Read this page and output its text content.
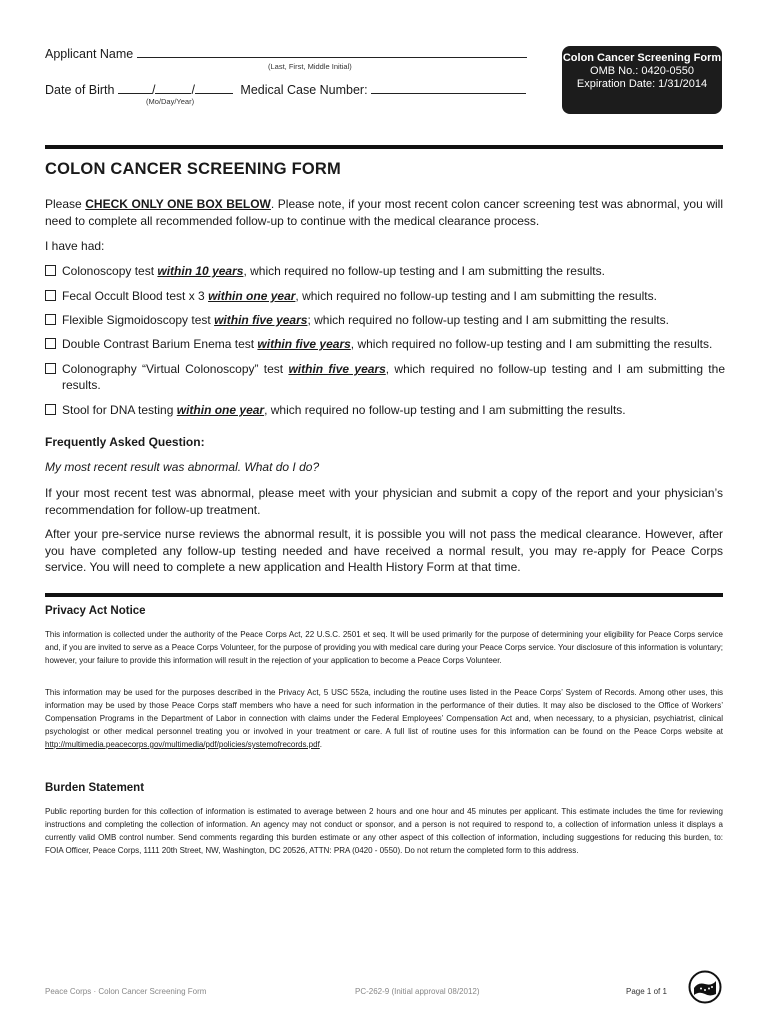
Applicant Name
(Last, First, Middle Initial)
Date of Birth	/	/	Medical Case Number:
(Mo/Day/Year)
Colon Cancer Screening Form
OMB No.: 0420-0550
Expiration Date: 1/31/2014
COLON CANCER SCREENING FORM
Please CHECK ONLY ONE BOX BELOW. Please note, if your most recent colon cancer screening test was abnormal, you will need to complete all recommended follow-up to continue with the medical clearance process.
I have had:
Colonoscopy test within 10 years, which required no follow-up testing and I am submitting the results.
Fecal Occult Blood test x 3 within one year, which required no follow-up testing and I am submitting the results.
Flexible Sigmoidoscopy test within five years; which required no follow-up testing and I am submitting the results.
Double Contrast Barium Enema test within five years, which required no follow-up testing and I am submitting the results.
Colonography “Virtual Colonoscopy” test within five years, which required no follow-up testing and I am submitting the results.
Stool for DNA testing within one year, which required no follow-up testing and I am submitting the results.
Frequently Asked Question:
My most recent result was abnormal. What do I do?
If your most recent test was abnormal, please meet with your physician and submit a copy of the report and your physician’s recommendation for follow-up treatment.
After your pre-service nurse reviews the abnormal result, it is possible you will not pass the medical clearance. However, after you have completed any follow-up testing needed and have received a normal result, you may re-apply for Peace Corps service. You will need to complete a new application and Health History Form at that time.
Privacy Act Notice
This information is collected under the authority of the Peace Corps Act, 22 U.S.C. 2501 et seq. It will be used primarily for the purpose of determining your eligibility for Peace Corps service and, if you are invited to serve as a Peace Corps Volunteer, for the purpose of providing you with medical care during your Peace Corps service. Your disclosure of this information is voluntary; however, your failure to provide this information will result in the rejection of your application to become a Peace Corps Volunteer.
This information may be used for the purposes described in the Privacy Act, 5 USC 552a, including the routine uses listed in the Peace Corps’ System of Records. Among other uses, this information may be used by those Peace Corps staff members who have a need for such information in the performance of their duties. It may also be disclosed to the Office of Workers’ Compensation Programs in the Department of Labor in connection with claims under the Federal Employees’ Compensation Act and, when necessary, to a physician, psychiatrist, clinical psychologist or other medical personnel treating you or involved in your treatment or care. A full list of routine uses for this information can be found on the Peace Corps website at http://multimedia.peacecorps.gov/multimedia/pdf/policies/systemofrecords.pdf.
Burden Statement
Public reporting burden for this collection of information is estimated to average between 2 hours and one hour and 45 minutes per applicant. This estimate includes the time for reviewing instructions and completing the collection of information. An agency may not conduct or sponsor, and a person is not required to respond to, a collection of information unless it displays a currently valid OMB control number. Send comments regarding this burden estimate or any other aspect of this collection of information, including suggestions for reducing this burden, to: FOIA Officer, Peace Corps, 1111 20th Street, NW, Washington, DC 20526, ATTN: PRA (0420 - 0550). Do not return the completed form to this address.
Peace Corps · Colon Cancer Screening Form	PC-262-9 (Initial approval 08/2012)	Page 1 of 1
